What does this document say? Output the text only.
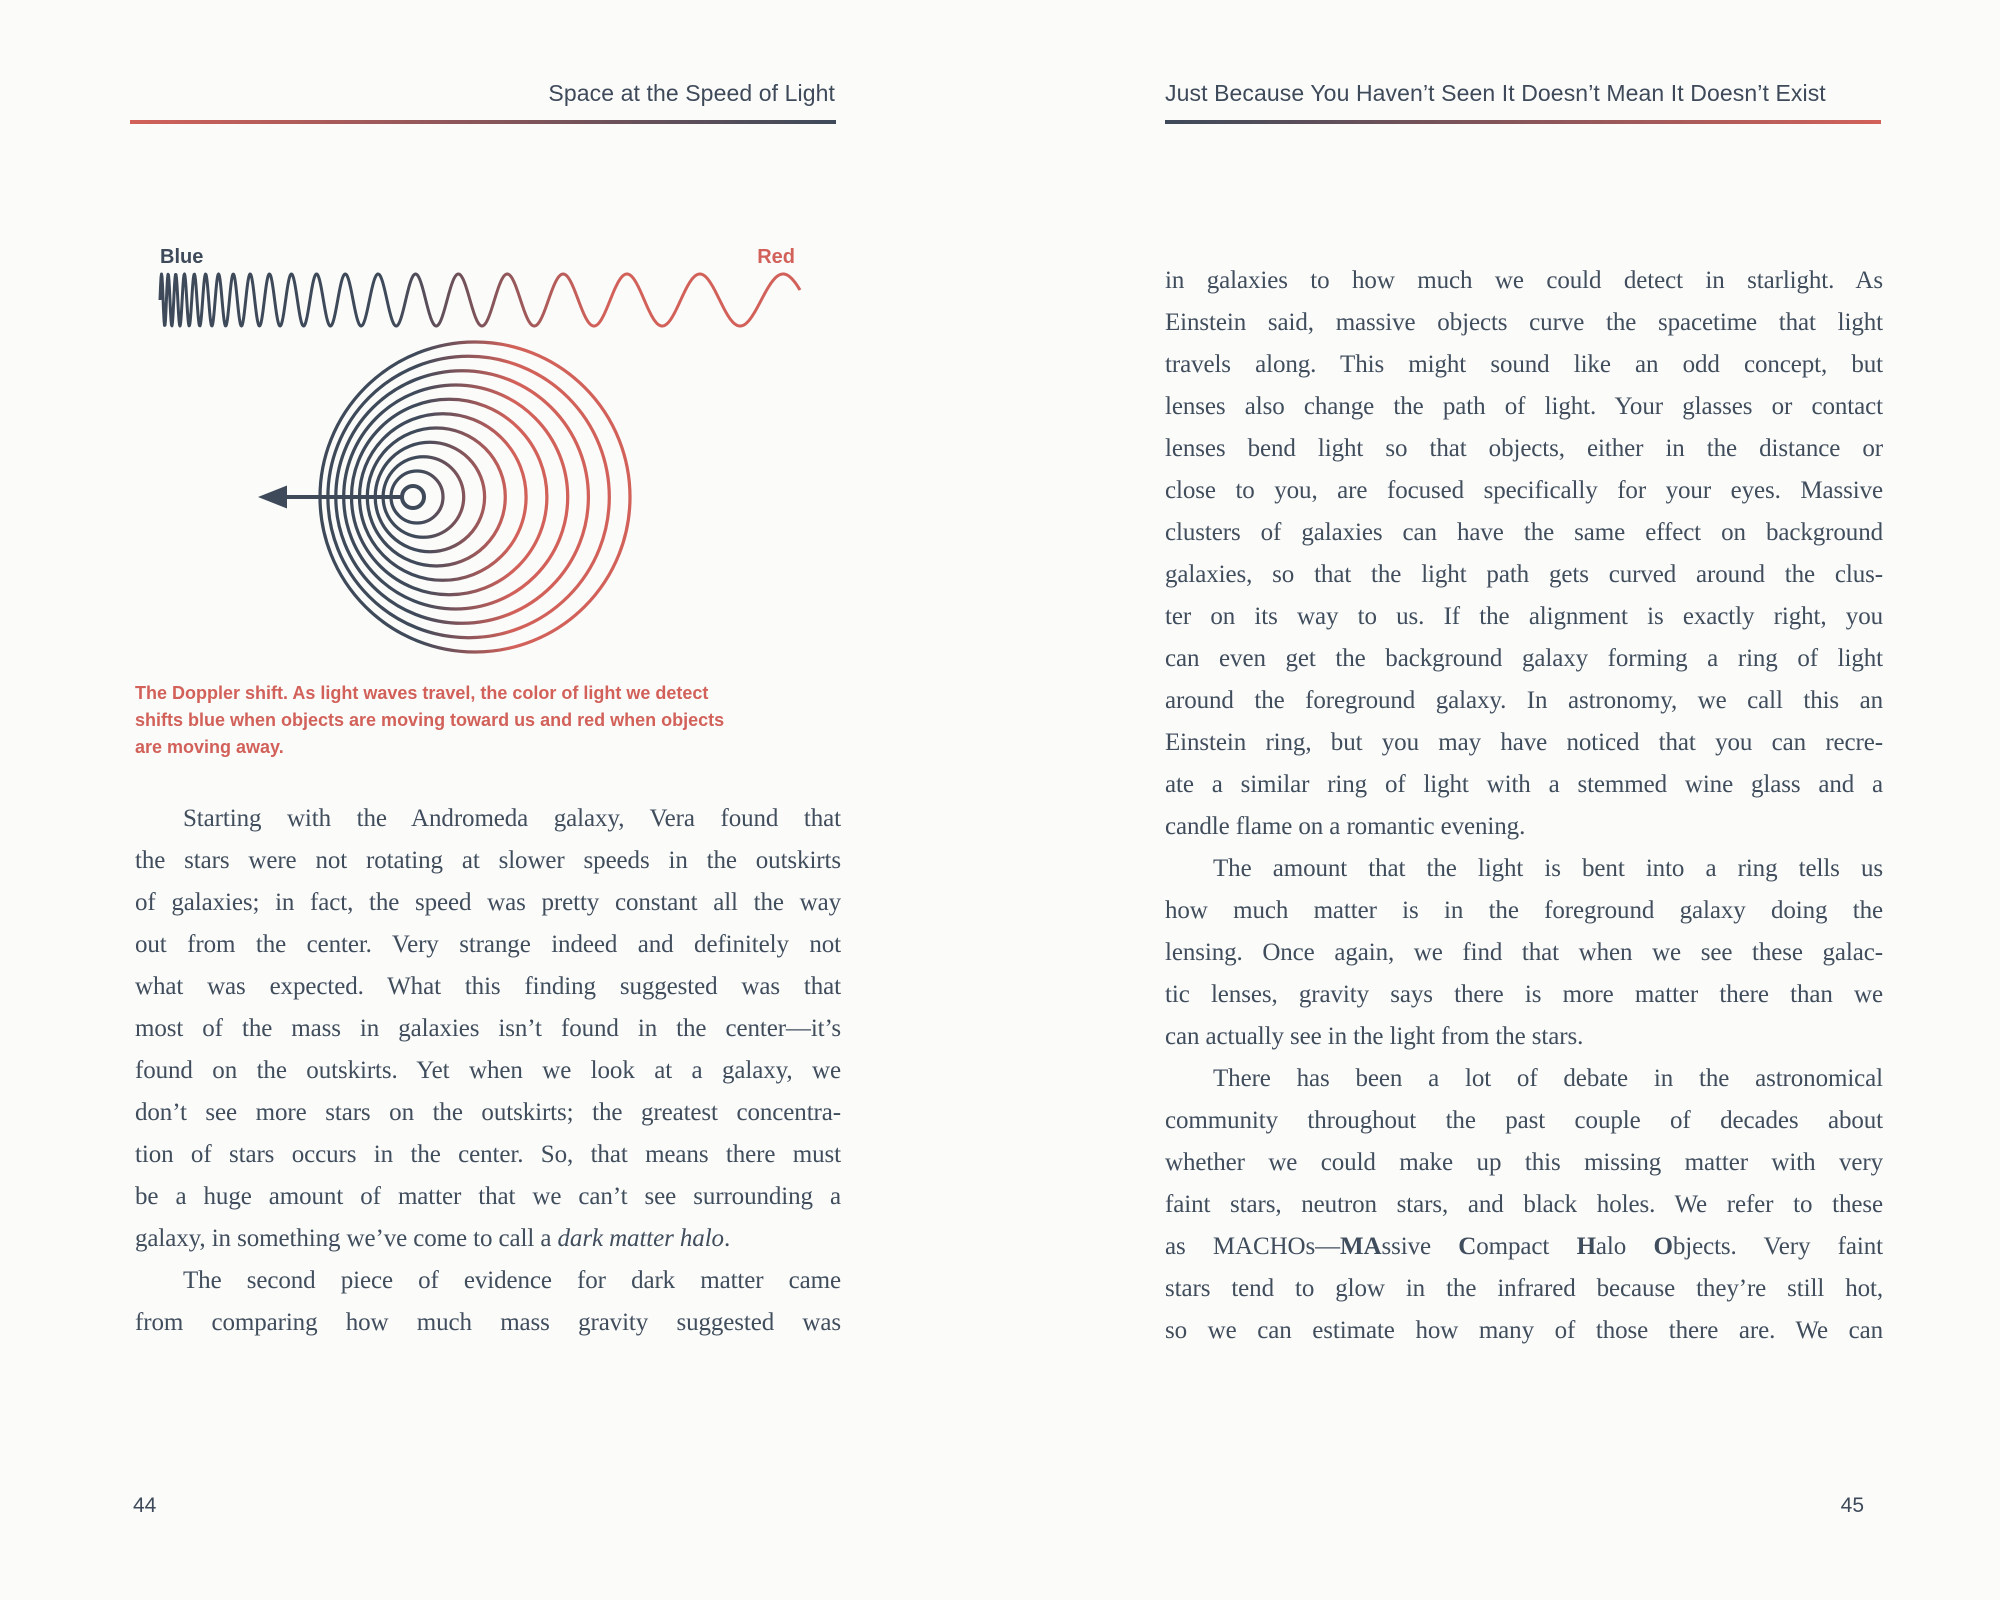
Space at the Speed of Light
Blue	Red
The Doppler shift. As light waves travel, the color of light we detect
shifts blue when objects are moving toward us and red when objects
are moving away.
Starting with the Andromeda galaxy, Vera found that
the stars were not rotating at slower speeds in the outskirts
of galaxies; in fact, the speed was pretty constant all the way
out from the center. Very strange indeed and definitely not
what was expected. What this finding suggested was that
most of the mass in galaxies isn’t found in the center—it’s
found on the outskirts. Yet when we look at a galaxy, we
don’t see more stars on the outskirts; the greatest concentra-
tion of stars occurs in the center. So, that means there must
be a huge amount of matter that we can’t see surrounding a
galaxy, in something we’ve come to call a dark matter halo.
The second piece of evidence for dark matter came
from comparing how much mass gravity suggested was
44
Just Because You Haven’t Seen It Doesn’t Mean It Doesn’t Exist
in galaxies to how much we could detect in starlight. As
Einstein said, massive objects curve the spacetime that light
travels along. This might sound like an odd concept, but
lenses also change the path of light. Your glasses or contact
lenses bend light so that objects, either in the distance or
close to you, are focused specifically for your eyes. Massive
clusters of galaxies can have the same effect on background
galaxies, so that the light path gets curved around the clus-
ter on its way to us. If the alignment is exactly right, you
can even get the background galaxy forming a ring of light
around the foreground galaxy. In astronomy, we call this an
Einstein ring, but you may have noticed that you can recre-
ate a similar ring of light with a stemmed wine glass and a
candle flame on a romantic evening.
The amount that the light is bent into a ring tells us
how much matter is in the foreground galaxy doing the
lensing. Once again, we find that when we see these galac-
tic lenses, gravity says there is more matter there than we
can actually see in the light from the stars.
There has been a lot of debate in the astronomical
community throughout the past couple of decades about
whether we could make up this missing matter with very
faint stars, neutron stars, and black holes. We refer to these
as MACHOs—MAssive Compact Halo Objects. Very faint
stars tend to glow in the infrared because they’re still hot,
so we can estimate how many of those there are. We can
45
